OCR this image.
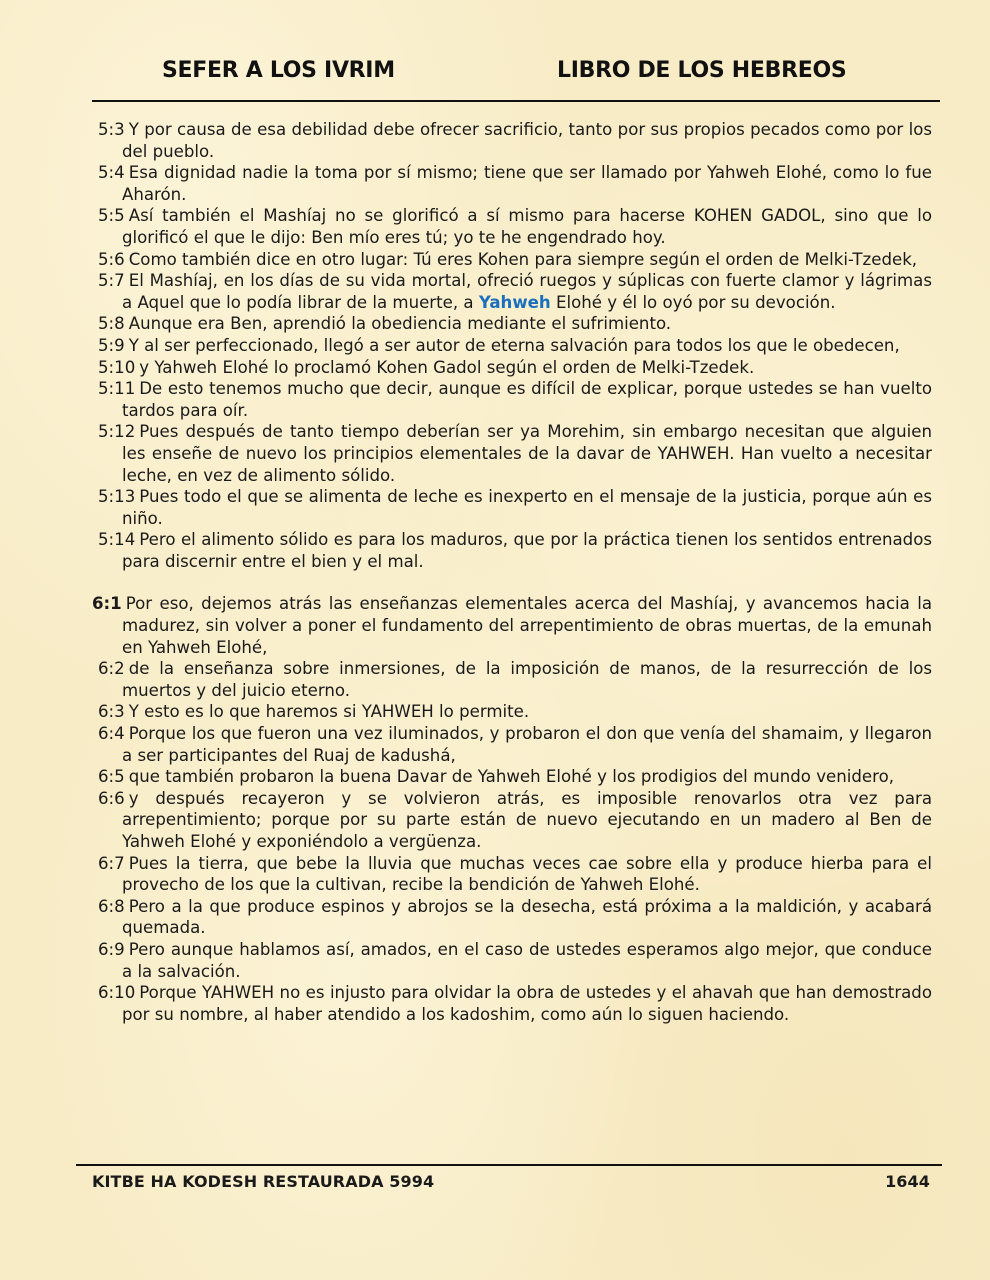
SEFER A LOS IVRIM	LIBRO DE LOS HEBREOS

5:3 Y por causa de esa debilidad debe ofrecer sacrificio, tanto por sus propios pecados como por los del pueblo.

5:4 Esa dignidad nadie la toma por sí mismo; tiene que ser llamado por Yahweh Elohé, como lo fue Aharón.

5:5 Así también el Mashíaj no se glorificó a sí mismo para hacerse KOHEN GADOL, sino que lo glorificó el que le dijo: Ben mío eres tú; yo te he engendrado hoy.

5:6 Como también dice en otro lugar: Tú eres Kohen para siempre según el orden de Melki-Tzedek,

5:7 El Mashíaj, en los días de su vida mortal, ofreció ruegos y súplicas con fuerte clamor y lágrimas a Aquel que lo podía librar de la muerte, a Yahweh Elohé y él lo oyó por su devoción.

5:8 Aunque era Ben, aprendió la obediencia mediante el sufrimiento.

5:9 Y al ser perfeccionado, llegó a ser autor de eterna salvación para todos los que le obedecen,

5:10 y Yahweh Elohé lo proclamó Kohen Gadol según el orden de Melki-Tzedek.

5:11 De esto tenemos mucho que decir, aunque es difícil de explicar, porque ustedes se han vuelto tardos para oír.

5:12 Pues después de tanto tiempo deberían ser ya Morehim, sin embargo necesitan que alguien les enseñe de nuevo los principios elementales de la davar de YAHWEH. Han vuelto a necesitar leche, en vez de alimento sólido.

5:13 Pues todo el que se alimenta de leche es inexperto en el mensaje de la justicia, porque aún es niño.

5:14 Pero el alimento sólido es para los maduros, que por la práctica tienen los sentidos entrenados para discernir entre el bien y el mal.

6:1 Por eso, dejemos atrás las enseñanzas elementales acerca del Mashíaj, y avancemos hacia la madurez, sin volver a poner el fundamento del arrepentimiento de obras muertas, de la emunah en Yahweh Elohé,

6:2 de la enseñanza sobre inmersiones, de la imposición de manos, de la resurrección de los muertos y del juicio eterno.

6:3 Y esto es lo que haremos si YAHWEH lo permite.

6:4 Porque los que fueron una vez iluminados, y probaron el don que venía del shamaim, y llegaron a ser participantes del Ruaj de kadushá,

6:5 que también probaron la buena Davar de Yahweh Elohé y los prodigios del mundo venidero,

6:6 y después recayeron y se volvieron atrás, es imposible renovarlos otra vez para arrepentimiento; porque por su parte están de nuevo ejecutando en un madero al Ben de Yahweh Elohé y exponiéndolo a vergüenza.

6:7 Pues la tierra, que bebe la lluvia que muchas veces cae sobre ella y produce hierba para el provecho de los que la cultivan, recibe la bendición de Yahweh Elohé.

6:8 Pero a la que produce espinos y abrojos se la desecha, está próxima a la maldición, y acabará quemada.

6:9 Pero aunque hablamos así, amados, en el caso de ustedes esperamos algo mejor, que conduce a la salvación.

6:10 Porque YAHWEH no es injusto para olvidar la obra de ustedes y el ahavah que han demostrado por su nombre, al haber atendido a los kadoshim, como aún lo siguen haciendo.

KITBE HA KODESH RESTAURADA 5994	1644
